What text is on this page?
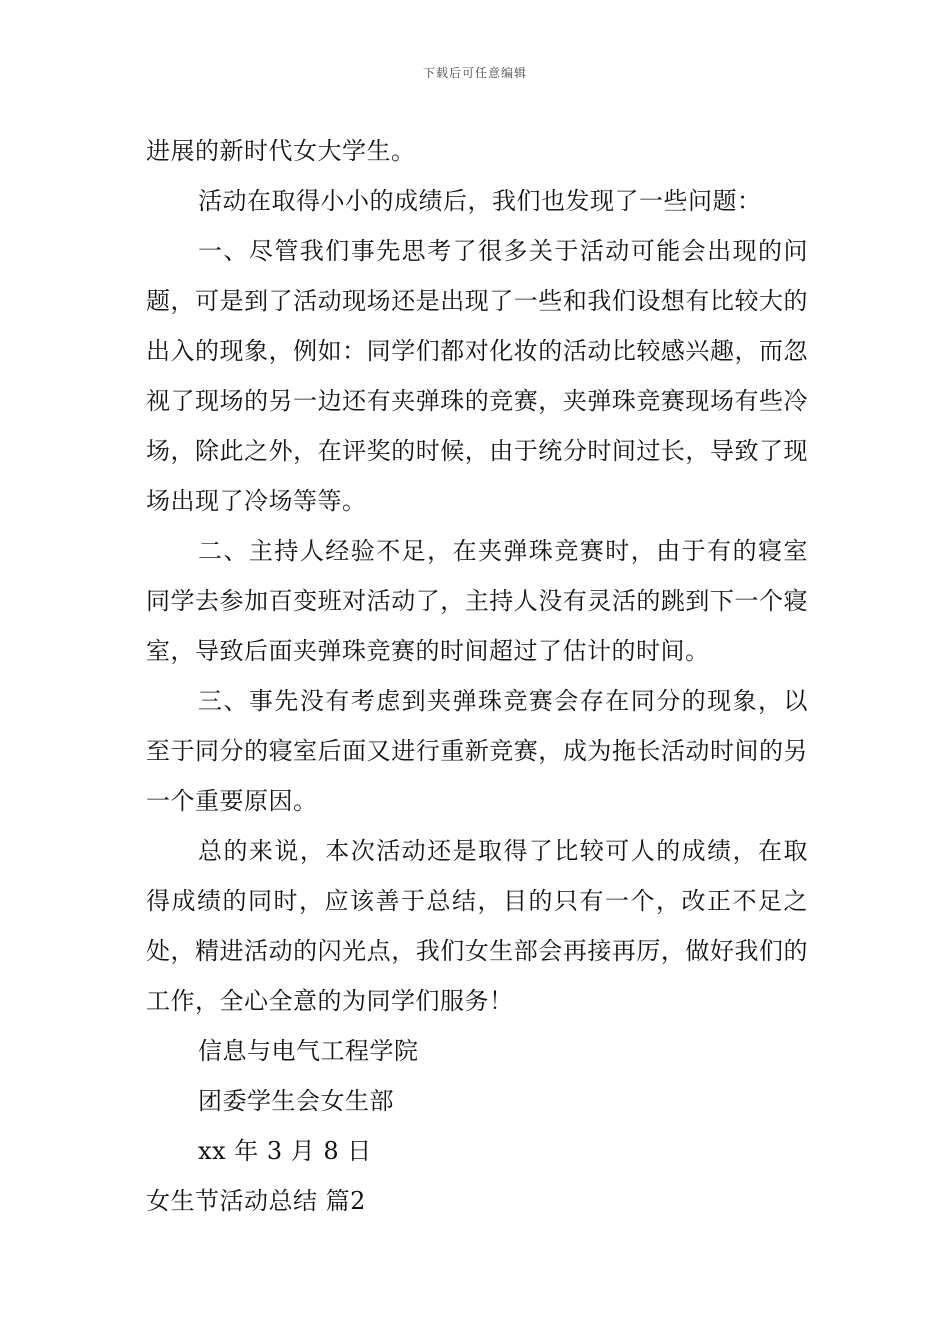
下载后可任意编辑

进展的新时代女大学生。

活动在取得小小的成绩后，我们也发现了一些问题：

一、尽管我们事先思考了很多关于活动可能会出现的问题，可是到了活动现场还是出现了一些和我们设想有比较大的出入的现象，例如：同学们都对化妆的活动比较感兴趣，而忽视了现场的另一边还有夹弹珠的竞赛，夹弹珠竞赛现场有些冷场，除此之外，在评奖的时候，由于统分时间过长，导致了现场出现了冷场等等。

二、主持人经验不足，在夹弹珠竞赛时，由于有的寝室同学去参加百变班对活动了，主持人没有灵活的跳到下一个寝室，导致后面夹弹珠竞赛的时间超过了估计的时间。

三、事先没有考虑到夹弹珠竞赛会存在同分的现象，以至于同分的寝室后面又进行重新竞赛，成为拖长活动时间的另一个重要原因。

总的来说，本次活动还是取得了比较可人的成绩，在取得成绩的同时，应该善于总结，目的只有一个，改正不足之处，精进活动的闪光点，我们女生部会再接再厉，做好我们的工作，全心全意的为同学们服务！

信息与电气工程学院

团委学生会女生部

xx 年 3 月 8 日

女生节活动总结 篇2
